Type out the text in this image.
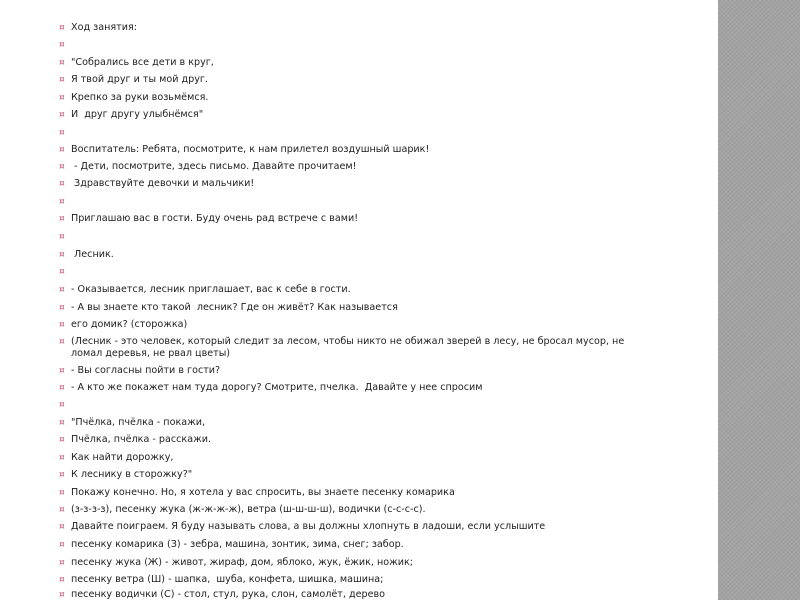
¤ Ход занятия:
¤
¤ "Собрались все дети в круг,
¤ Я твой друг и ты мой друг.
¤ Крепко за руки возьмёмся.
¤ И  друг другу улыбнёмся"
¤
¤ Воспитатель: Ребята, посмотрите, к нам прилетел воздушный шарик!
¤ - Дети, посмотрите, здесь письмо. Давайте прочитаем!
¤ Здравствуйте девочки и мальчики!
¤
¤ Приглашаю вас в гости. Буду очень рад встрече с вами!
¤
¤ Лесник.
¤
¤ - Оказывается, лесник приглашает, вас к себе в гости.
¤ - А вы знаете кто такой  лесник? Где он живёт? Как называется
¤ его домик? (сторожка)
¤ (Лесник - это человек, который следит за лесом, чтобы никто не обижал зверей в лесу, не бросал мусор, не ломал деревья, не рвал цветы)
¤ - Вы согласны пойти в гости?
¤ - А кто же покажет нам туда дорогу? Смотрите, пчелка.  Давайте у нее спросим
¤
¤ "Пчёлка, пчёлка - покажи,
¤ Пчёлка, пчёлка - расскажи.
¤ Как найти дорожку,
¤ К леснику в сторожку?"
¤ Покажу конечно. Но, я хотела у вас спросить, вы знаете песенку комарика
¤ (з-з-з-з), песенку жука (ж-ж-ж-ж), ветра (ш-ш-ш-ш), водички (с-с-с-с).
¤ Давайте поиграем. Я буду называть слова, а вы должны хлопнуть в ладоши, если услышите
¤ песенку комарика (З) - зебра, машина, зонтик, зима, снег; забор.
¤ песенку жука (Ж) - живот, жираф, дом, яблоко, жук, ёжик, ножик;
¤ песенку ветра (Ш) - шапка,  шуба, конфета, шишка, машина;
¤ песенку водички (С) - стол, стул, рука, слон, самолёт, дерево
